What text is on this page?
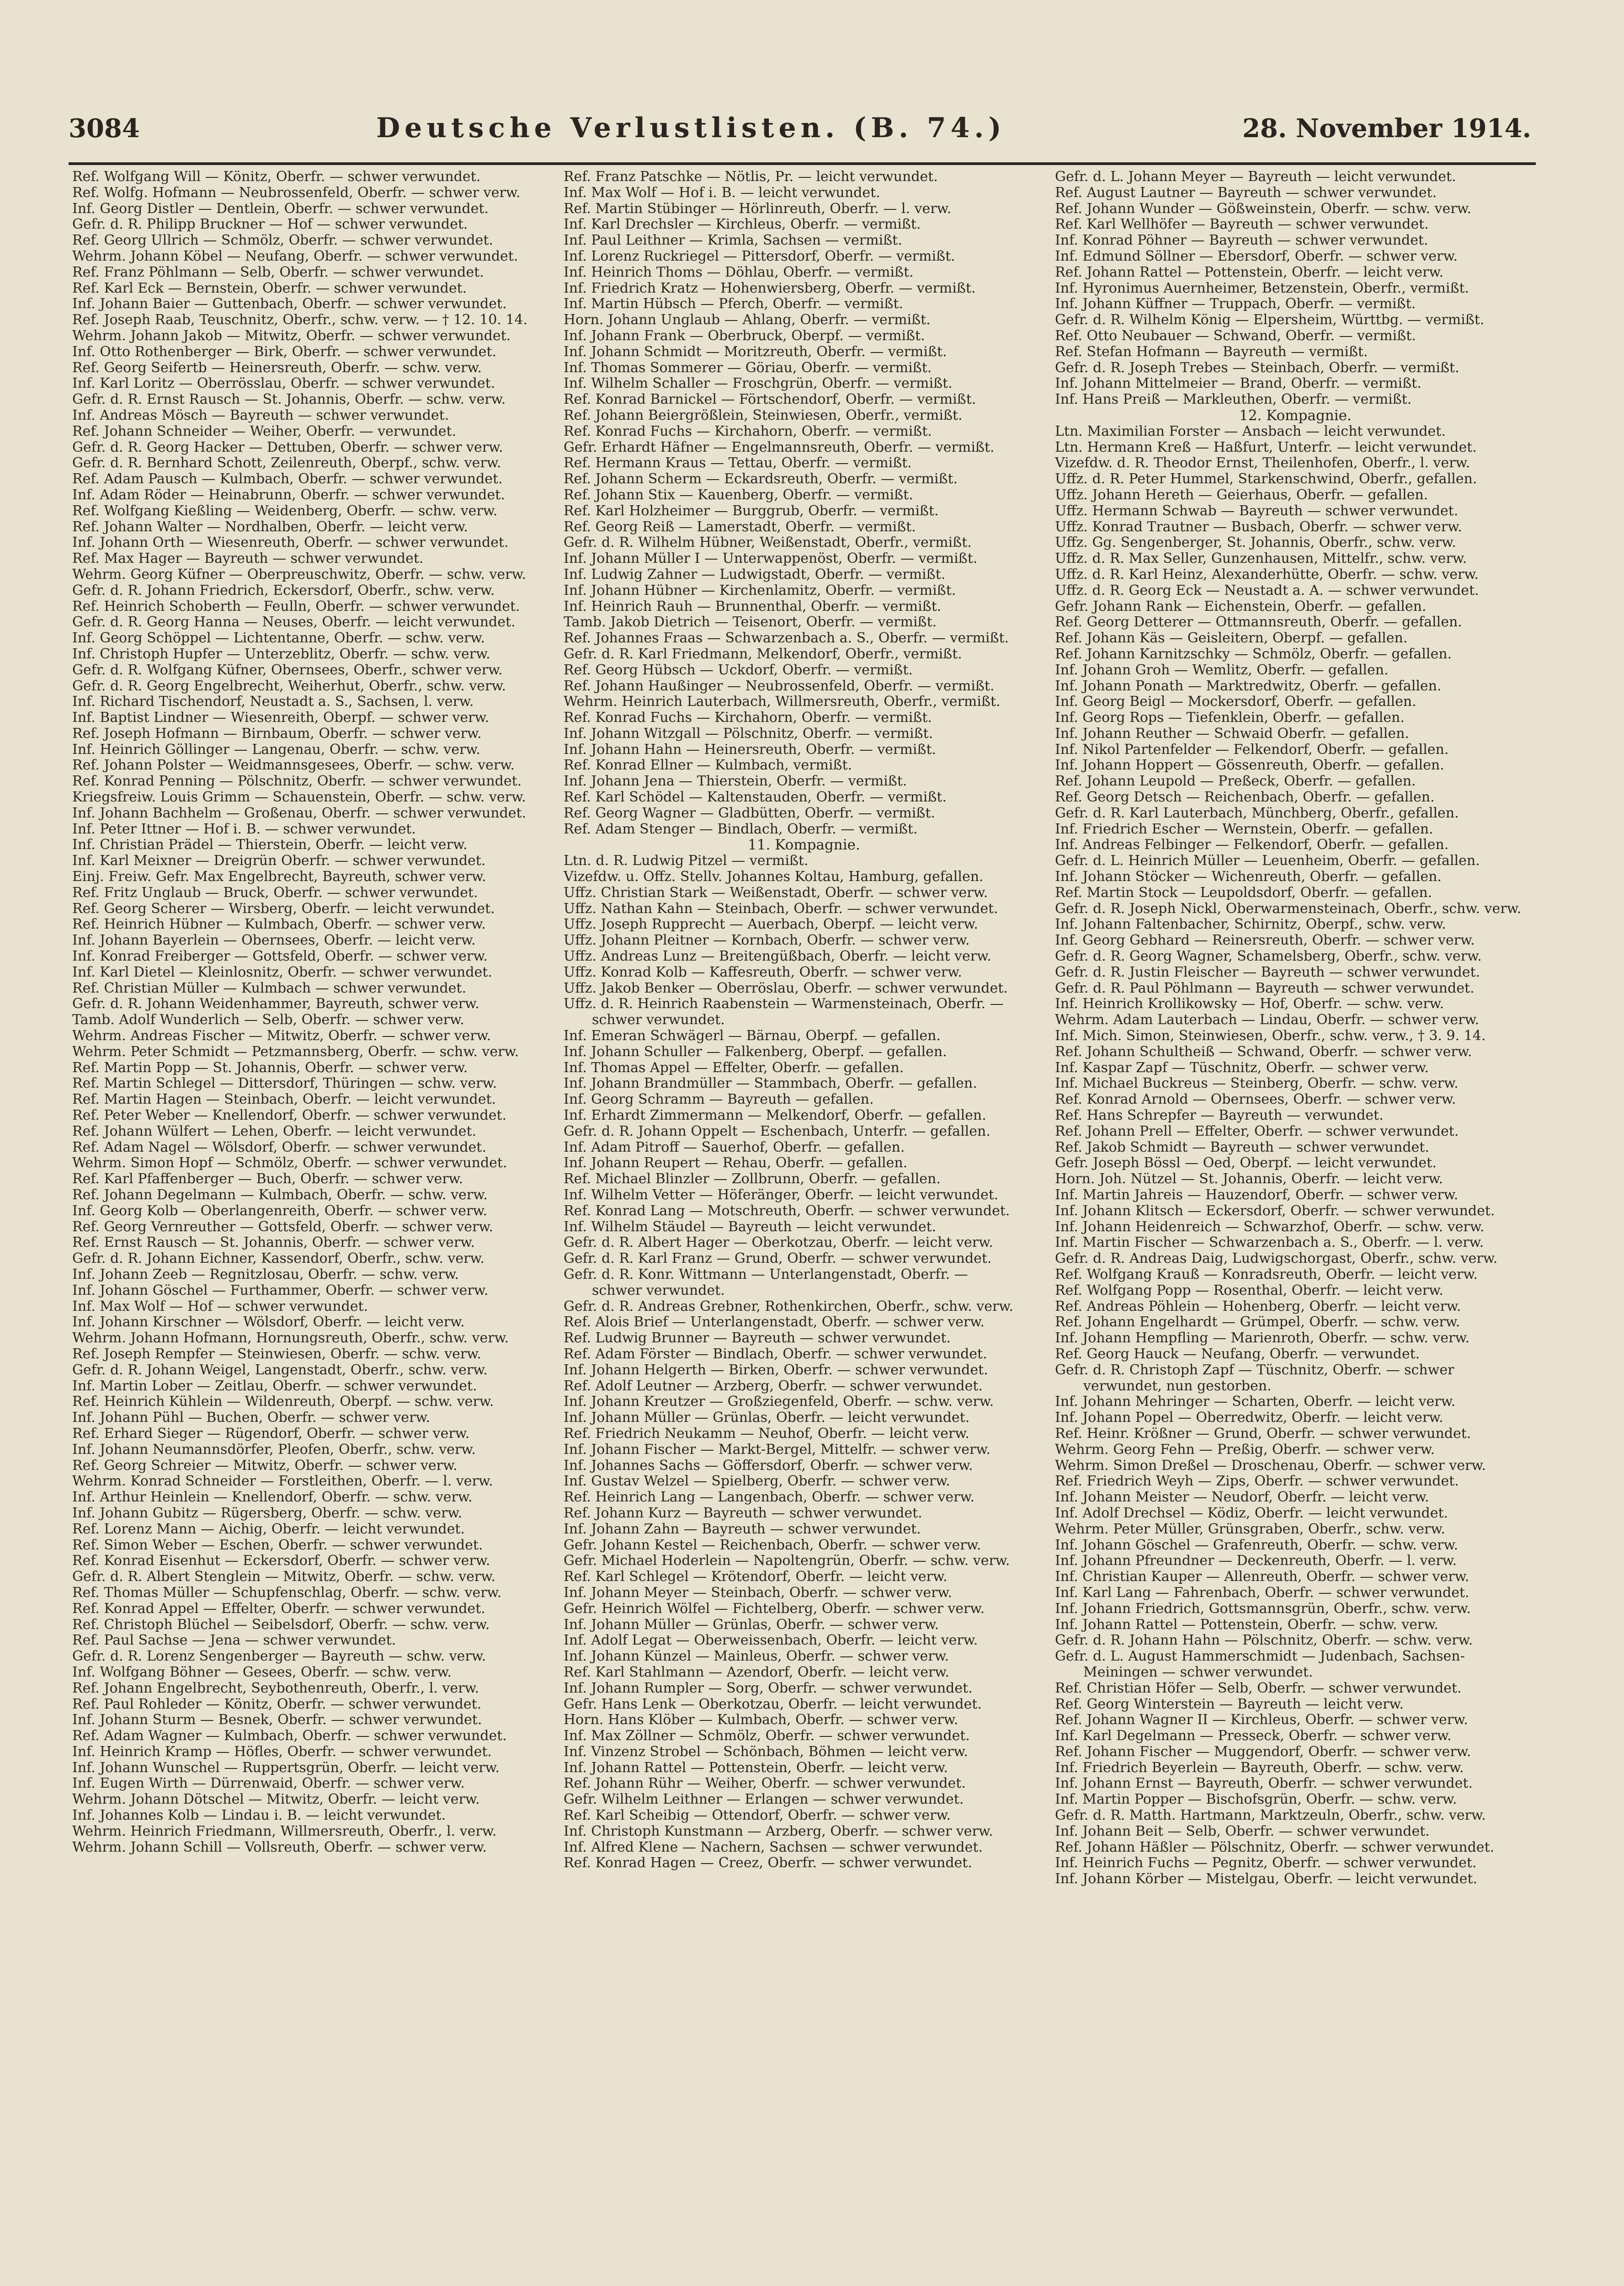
3084	Deutsche Verlustlisten. (B. 74.)	28. November 1914.
Ref. Wolfgang Will — Könitz, Oberfr. — schwer verwundet.
Ref. Wolfg. Hofmann — Neubrossenfeld, Oberfr. — schwer verw.
Inf. Georg Distler — Dentlein, Oberfr. — schwer verwundet.
Gefr. d. R. Philipp Bruckner — Hof — schwer verwundet.
Ref. Georg Ullrich — Schmölz, Oberfr. — schwer verwundet.
Wehrm. Johann Köbel — Neufang, Oberfr. — schwer verwundet.
Ref. Franz Pöhlmann — Selb, Oberfr. — schwer verwundet.
Ref. Karl Eck — Bernstein, Oberfr. — schwer verwundet.
Inf. Johann Baier — Guttenbach, Oberfr. — schwer verwundet.
Ref. Joseph Raab, Teuschnitz, Oberfr., schw. verw. — † 12. 10. 14.
Wehrm. Johann Jakob — Mitwitz, Oberfr. — schwer verwundet.
Inf. Otto Rothenberger — Birk, Oberfr. — schwer verwundet.
Ref. Georg Seifertb — Heinersreuth, Oberfr. — schw. verw.
Inf. Karl Loritz — Oberrösslau, Oberfr. — schwer verwundet.
Gefr. d. R. Ernst Rausch — St. Johannis, Oberfr. — schw. verw.
Inf. Andreas Mösch — Bayreuth — schwer verwundet.
Ref. Johann Schneider — Weiher, Oberfr. — verwundet.
Gefr. d. R. Georg Hacker — Dettuben, Oberfr. — schwer verw.
Gefr. d. R. Bernhard Schott, Zeilenreuth, Oberpf., schw. verw.
Ref. Adam Pausch — Kulmbach, Oberfr. — schwer verwundet.
Inf. Adam Röder — Heinabrunn, Oberfr. — schwer verwundet.
Ref. Wolfgang Kießling — Weidenberg, Oberfr. — schw. verw.
Ref. Johann Walter — Nordhalben, Oberfr. — leicht verw.
Inf. Johann Orth — Wiesenreuth, Oberfr. — schwer verwundet.
Ref. Max Hager — Bayreuth — schwer verwundet.
Wehrm. Georg Küfner — Oberpreuschwitz, Oberfr. — schw. verw.
Gefr. d. R. Johann Friedrich, Eckersdorf, Oberfr., schw. verw.
Ref. Heinrich Schoberth — Feulln, Oberfr. — schwer verwundet.
Gefr. d. R. Georg Hanna — Neuses, Oberfr. — leicht verwundet.
Inf. Georg Schöppel — Lichtentanne, Oberfr. — schw. verw.
Inf. Christoph Hupfer — Unterzeblitz, Oberfr. — schw. verw.
Gefr. d. R. Wolfgang Küfner, Obernsees, Oberfr., schwer verw.
Gefr. d. R. Georg Engelbrecht, Weiherhut, Oberfr., schw. verw.
Inf. Richard Tischendorf, Neustadt a. S., Sachsen, l. verw.
Inf. Baptist Lindner — Wiesenreith, Oberpf. — schwer verw.
Ref. Joseph Hofmann — Birnbaum, Oberfr. — schwer verw.
Inf. Heinrich Göllinger — Langenau, Oberfr. — schw. verw.
Ref. Johann Polster — Weidmannsgesees, Oberfr. — schw. verw.
Ref. Konrad Penning — Pölschnitz, Oberfr. — schwer verwundet.
Kriegsfreiw. Louis Grimm — Schauenstein, Oberfr. — schw. verw.
Inf. Johann Bachhelm — Großenau, Oberfr. — schwer verwundet.
Inf. Peter Ittner — Hof i. B. — schwer verwundet.
Inf. Christian Prädel — Thierstein, Oberfr. — leicht verw.
Inf. Karl Meixner — Dreigrün Oberfr. — schwer verwundet.
Einj. Freiw. Gefr. Max Engelbrecht, Bayreuth, schwer verw.
Ref. Fritz Unglaub — Bruck, Oberfr. — schwer verwundet.
Ref. Georg Scherer — Wirsberg, Oberfr. — leicht verwundet.
Ref. Heinrich Hübner — Kulmbach, Oberfr. — schwer verw.
Inf. Johann Bayerlein — Obernsees, Oberfr. — leicht verw.
Inf. Konrad Freiberger — Gottsfeld, Oberfr. — schwer verw.
Inf. Karl Dietel — Kleinlosnitz, Oberfr. — schwer verwundet.
Ref. Christian Müller — Kulmbach — schwer verwundet.
Gefr. d. R. Johann Weidenhammer, Bayreuth, schwer verw.
Tamb. Adolf Wunderlich — Selb, Oberfr. — schwer verw.
Wehrm. Andreas Fischer — Mitwitz, Oberfr. — schwer verw.
Wehrm. Peter Schmidt — Petzmannsberg, Oberfr. — schw. verw.
Ref. Martin Popp — St. Johannis, Oberfr. — schwer verw.
Ref. Martin Schlegel — Dittersdorf, Thüringen — schw. verw.
Ref. Martin Hagen — Steinbach, Oberfr. — leicht verwundet.
Ref. Peter Weber — Knellendorf, Oberfr. — schwer verwundet.
Ref. Johann Wülfert — Lehen, Oberfr. — leicht verwundet.
Ref. Adam Nagel — Wölsdorf, Oberfr. — schwer verwundet.
Wehrm. Simon Hopf — Schmölz, Oberfr. — schwer verwundet.
Ref. Karl Pfaffenberger — Buch, Oberfr. — schwer verw.
Ref. Johann Degelmann — Kulmbach, Oberfr. — schw. verw.
Inf. Georg Kolb — Oberlangenreith, Oberfr. — schwer verw.
Ref. Georg Vernreuther — Gottsfeld, Oberfr. — schwer verw.
Ref. Ernst Rausch — St. Johannis, Oberfr. — schwer verw.
Gefr. d. R. Johann Eichner, Kassendorf, Oberfr., schw. verw.
Inf. Johann Zeeb — Regnitzlosau, Oberfr. — schw. verw.
Inf. Johann Göschel — Furthammer, Oberfr. — schwer verw.
Inf. Max Wolf — Hof — schwer verwundet.
Inf. Johann Kirschner — Wölsdorf, Oberfr. — leicht verw.
Wehrm. Johann Hofmann, Hornungsreuth, Oberfr., schw. verw.
Ref. Joseph Rempfer — Steinwiesen, Oberfr. — schw. verw.
Gefr. d. R. Johann Weigel, Langenstadt, Oberfr., schw. verw.
Inf. Martin Lober — Zeitlau, Oberfr. — schwer verwundet.
Ref. Heinrich Kühlein — Wildenreuth, Oberpf. — schw. verw.
Inf. Johann Pühl — Buchen, Oberfr. — schwer verw.
Ref. Erhard Sieger — Rügendorf, Oberfr. — schwer verw.
Inf. Johann Neumannsdörfer, Pleofen, Oberfr., schw. verw.
Ref. Georg Schreier — Mitwitz, Oberfr. — schwer verw.
Wehrm. Konrad Schneider — Forstleithen, Oberfr. — l. verw.
Inf. Arthur Heinlein — Knellendorf, Oberfr. — schw. verw.
Inf. Johann Gubitz — Rügersberg, Oberfr. — schw. verw.
Ref. Lorenz Mann — Aichig, Oberfr. — leicht verwundet.
Ref. Simon Weber — Eschen, Oberfr. — schwer verwundet.
Ref. Konrad Eisenhut — Eckersdorf, Oberfr. — schwer verw.
Gefr. d. R. Albert Stenglein — Mitwitz, Oberfr. — schw. verw.
Ref. Thomas Müller — Schupfenschlag, Oberfr. — schw. verw.
Ref. Konrad Appel — Effelter, Oberfr. — schwer verwundet.
Ref. Christoph Blüchel — Seibelsdorf, Oberfr. — schw. verw.
Ref. Paul Sachse — Jena — schwer verwundet.
Gefr. d. R. Lorenz Sengenberger — Bayreuth — schw. verw.
Inf. Wolfgang Böhner — Gesees, Oberfr. — schw. verw.
Ref. Johann Engelbrecht, Seybothenreuth, Oberfr., l. verw.
Ref. Paul Rohleder — Könitz, Oberfr. — schwer verwundet.
Inf. Johann Sturm — Besnek, Oberfr. — schwer verwundet.
Ref. Adam Wagner — Kulmbach, Oberfr. — schwer verwundet.
Inf. Heinrich Kramp — Höfles, Oberfr. — schwer verwundet.
Inf. Johann Wunschel — Ruppertsgrün, Oberfr. — leicht verw.
Inf. Eugen Wirth — Dürrenwaid, Oberfr. — schwer verw.
Wehrm. Johann Dötschel — Mitwitz, Oberfr. — leicht verw.
Inf. Johannes Kolb — Lindau i. B. — leicht verwundet.
Wehrm. Heinrich Friedmann, Willmersreuth, Oberfr., l. verw.
Wehrm. Johann Schill — Vollsreuth, Oberfr. — schwer verw.
Ref. Franz Patschke — Nötlis, Pr. — leicht verwundet.
Inf. Max Wolf — Hof i. B. — leicht verwundet.
Ref. Martin Stübinger — Hörlinreuth, Oberfr. — l. verw.
Inf. Karl Drechsler — Kirchleus, Oberfr. — vermißt.
Inf. Paul Leithner — Krimla, Sachsen — vermißt.
Inf. Lorenz Ruckriegel — Pittersdorf, Oberfr. — vermißt.
Inf. Heinrich Thoms — Döhlau, Oberfr. — vermißt.
Inf. Friedrich Kratz — Hohenwiersberg, Oberfr. — vermißt.
Inf. Martin Hübsch — Pferch, Oberfr. — vermißt.
Horn. Johann Unglaub — Ahlang, Oberfr. — vermißt.
Inf. Johann Frank — Oberbruck, Oberpf. — vermißt.
Inf. Johann Schmidt — Moritzreuth, Oberfr. — vermißt.
Inf. Thomas Sommerer — Göriau, Oberfr. — vermißt.
Inf. Wilhelm Schaller — Froschgrün, Oberfr. — vermißt.
Ref. Konrad Barnickel — Förtschendorf, Oberfr. — vermißt.
Ref. Johann Beiergrößlein, Steinwiesen, Oberfr., vermißt.
Ref. Konrad Fuchs — Kirchahorn, Oberfr. — vermißt.
Gefr. Erhardt Häfner — Engelmannsreuth, Oberfr. — vermißt.
Ref. Hermann Kraus — Tettau, Oberfr. — vermißt.
Ref. Johann Scherm — Eckardsreuth, Oberfr. — vermißt.
Ref. Johann Stix — Kauenberg, Oberfr. — vermißt.
Ref. Karl Holzheimer — Burggrub, Oberfr. — vermißt.
Ref. Georg Reiß — Lamerstadt, Oberfr. — vermißt.
Gefr. d. R. Wilhelm Hübner, Weißenstadt, Oberfr., vermißt.
Inf. Johann Müller I — Unterwappenöst, Oberfr. — vermißt.
Inf. Ludwig Zahner — Ludwigstadt, Oberfr. — vermißt.
Inf. Johann Hübner — Kirchenlamitz, Oberfr. — vermißt.
Inf. Heinrich Rauh — Brunnenthal, Oberfr. — vermißt.
Tamb. Jakob Dietrich — Teisenort, Oberfr. — vermißt.
Ref. Johannes Fraas — Schwarzenbach a. S., Oberfr. — vermißt.
Gefr. d. R. Karl Friedmann, Melkendorf, Oberfr., vermißt.
Ref. Georg Hübsch — Uckdorf, Oberfr. — vermißt.
Ref. Johann Haußinger — Neubrossenfeld, Oberfr. — vermißt.
Wehrm. Heinrich Lauterbach, Willmersreuth, Oberfr., vermißt.
Ref. Konrad Fuchs — Kirchahorn, Oberfr. — vermißt.
Inf. Johann Witzgall — Pölschnitz, Oberfr. — vermißt.
Inf. Johann Hahn — Heinersreuth, Oberfr. — vermißt.
Ref. Konrad Ellner — Kulmbach, vermißt.
Inf. Johann Jena — Thierstein, Oberfr. — vermißt.
Ref. Karl Schödel — Kaltenstauden, Oberfr. — vermißt.
Ref. Georg Wagner — Gladbütten, Oberfr. — vermißt.
Ref. Adam Stenger — Bindlach, Oberfr. — vermißt.
11. Kompagnie.
Ltn. d. R. Ludwig Pitzel — vermißt.
Vizefdw. u. Offz. Stellv. Johannes Koltau, Hamburg, gefallen.
Uffz. Christian Stark — Weißenstadt, Oberfr. — schwer verw.
Uffz. Nathan Kahn — Steinbach, Oberfr. — schwer verwundet.
Uffz. Joseph Rupprecht — Auerbach, Oberpf. — leicht verw.
Uffz. Johann Pleitner — Kornbach, Oberfr. — schwer verw.
Uffz. Andreas Lunz — Breitengüßbach, Oberfr. — leicht verw.
Uffz. Konrad Kolb — Kaffesreuth, Oberfr. — schwer verw.
Uffz. Jakob Benker — Oberröslau, Oberfr. — schwer verwundet.
Uffz. d. R. Heinrich Raabenstein — Warmensteinach, Oberfr. —
schwer verwundet.
Inf. Emeran Schwägerl — Bärnau, Oberpf. — gefallen.
Inf. Johann Schuller — Falkenberg, Oberpf. — gefallen.
Inf. Thomas Appel — Effelter, Oberfr. — gefallen.
Inf. Johann Brandmüller — Stammbach, Oberfr. — gefallen.
Inf. Georg Schramm — Bayreuth — gefallen.
Inf. Erhardt Zimmermann — Melkendorf, Oberfr. — gefallen.
Gefr. d. R. Johann Oppelt — Eschenbach, Unterfr. — gefallen.
Inf. Adam Pitroff — Sauerhof, Oberfr. — gefallen.
Inf. Johann Reupert — Rehau, Oberfr. — gefallen.
Ref. Michael Blinzler — Zollbrunn, Oberfr. — gefallen.
Inf. Wilhelm Vetter — Höferänger, Oberfr. — leicht verwundet.
Ref. Konrad Lang — Motschreuth, Oberfr. — schwer verwundet.
Inf. Wilhelm Stäudel — Bayreuth — leicht verwundet.
Gefr. d. R. Albert Hager — Oberkotzau, Oberfr. — leicht verw.
Gefr. d. R. Karl Franz — Grund, Oberfr. — schwer verwundet.
Gefr. d. R. Konr. Wittmann — Unterlangenstadt, Oberfr. —
schwer verwundet.
Gefr. d. R. Andreas Grebner, Rothenkirchen, Oberfr., schw. verw.
Ref. Alois Brief — Unterlangenstadt, Oberfr. — schwer verw.
Ref. Ludwig Brunner — Bayreuth — schwer verwundet.
Ref. Adam Förster — Bindlach, Oberfr. — schwer verwundet.
Inf. Johann Helgerth — Birken, Oberfr. — schwer verwundet.
Ref. Adolf Leutner — Arzberg, Oberfr. — schwer verwundet.
Inf. Johann Kreutzer — Großziegenfeld, Oberfr. — schw. verw.
Inf. Johann Müller — Grünlas, Oberfr. — leicht verwundet.
Ref. Friedrich Neukamm — Neuhof, Oberfr. — leicht verw.
Inf. Johann Fischer — Markt-Bergel, Mittelfr. — schwer verw.
Inf. Johannes Sachs — Göffersdorf, Oberfr. — schwer verw.
Inf. Gustav Welzel — Spielberg, Oberfr. — schwer verw.
Ref. Heinrich Lang — Langenbach, Oberfr. — schwer verw.
Ref. Johann Kurz — Bayreuth — schwer verwundet.
Inf. Johann Zahn — Bayreuth — schwer verwundet.
Gefr. Johann Kestel — Reichenbach, Oberfr. — schwer verw.
Gefr. Michael Hoderlein — Napoltengrün, Oberfr. — schw. verw.
Ref. Karl Schlegel — Krötendorf, Oberfr. — leicht verw.
Inf. Johann Meyer — Steinbach, Oberfr. — schwer verw.
Gefr. Heinrich Wölfel — Fichtelberg, Oberfr. — schwer verw.
Inf. Johann Müller — Grünlas, Oberfr. — schwer verw.
Inf. Adolf Legat — Oberweissenbach, Oberfr. — leicht verw.
Inf. Johann Künzel — Mainleus, Oberfr. — schwer verw.
Ref. Karl Stahlmann — Azendorf, Oberfr. — leicht verw.
Inf. Johann Rumpler — Sorg, Oberfr. — schwer verwundet.
Gefr. Hans Lenk — Oberkotzau, Oberfr. — leicht verwundet.
Horn. Hans Klöber — Kulmbach, Oberfr. — schwer verw.
Inf. Max Zöllner — Schmölz, Oberfr. — schwer verwundet.
Inf. Vinzenz Strobel — Schönbach, Böhmen — leicht verw.
Inf. Johann Rattel — Pottenstein, Oberfr. — leicht verw.
Ref. Johann Rühr — Weiher, Oberfr. — schwer verwundet.
Gefr. Wilhelm Leithner — Erlangen — schwer verwundet.
Ref. Karl Scheibig — Ottendorf, Oberfr. — schwer verw.
Inf. Christoph Kunstmann — Arzberg, Oberfr. — schwer verw.
Inf. Alfred Klene — Nachern, Sachsen — schwer verwundet.
Ref. Konrad Hagen — Creez, Oberfr. — schwer verwundet.
Gefr. d. L. Johann Meyer — Bayreuth — leicht verwundet.
Ref. August Lautner — Bayreuth — schwer verwundet.
Ref. Johann Wunder — Gößweinstein, Oberfr. — schw. verw.
Ref. Karl Wellhöfer — Bayreuth — schwer verwundet.
Inf. Konrad Pöhner — Bayreuth — schwer verwundet.
Inf. Edmund Söllner — Ebersdorf, Oberfr. — schwer verw.
Ref. Johann Rattel — Pottenstein, Oberfr. — leicht verw.
Inf. Hyronimus Auernheimer, Betzenstein, Oberfr., vermißt.
Inf. Johann Küffner — Truppach, Oberfr. — vermißt.
Gefr. d. R. Wilhelm König — Elpersheim, Württbg. — vermißt.
Ref. Otto Neubauer — Schwand, Oberfr. — vermißt.
Ref. Stefan Hofmann — Bayreuth — vermißt.
Gefr. d. R. Joseph Trebes — Steinbach, Oberfr. — vermißt.
Inf. Johann Mittelmeier — Brand, Oberfr. — vermißt.
Inf. Hans Preiß — Markleuthen, Oberfr. — vermißt.
12. Kompagnie.
Ltn. Maximilian Forster — Ansbach — leicht verwundet.
Ltn. Hermann Kreß — Haßfurt, Unterfr. — leicht verwundet.
Vizefdw. d. R. Theodor Ernst, Theilenhofen, Oberfr., l. verw.
Uffz. d. R. Peter Hummel, Starkenschwind, Oberfr., gefallen.
Uffz. Johann Hereth — Geierhaus, Oberfr. — gefallen.
Uffz. Hermann Schwab — Bayreuth — schwer verwundet.
Uffz. Konrad Trautner — Busbach, Oberfr. — schwer verw.
Uffz. Gg. Sengenberger, St. Johannis, Oberfr., schw. verw.
Uffz. d. R. Max Seller, Gunzenhausen, Mittelfr., schw. verw.
Uffz. d. R. Karl Heinz, Alexanderhütte, Oberfr. — schw. verw.
Uffz. d. R. Georg Eck — Neustadt a. A. — schwer verwundet.
Gefr. Johann Rank — Eichenstein, Oberfr. — gefallen.
Ref. Georg Detterer — Ottmannsreuth, Oberfr. — gefallen.
Ref. Johann Käs — Geisleitern, Oberpf. — gefallen.
Ref. Johann Karnitzschky — Schmölz, Oberfr. — gefallen.
Inf. Johann Groh — Wemlitz, Oberfr. — gefallen.
Inf. Johann Ponath — Marktredwitz, Oberfr. — gefallen.
Inf. Georg Beigl — Mockersdorf, Oberfr. — gefallen.
Inf. Georg Rops — Tiefenklein, Oberfr. — gefallen.
Inf. Johann Reuther — Schwaid Oberfr. — gefallen.
Inf. Nikol Partenfelder — Felkendorf, Oberfr. — gefallen.
Inf. Johann Hoppert — Gössenreuth, Oberfr. — gefallen.
Ref. Johann Leupold — Preßeck, Oberfr. — gefallen.
Ref. Georg Detsch — Reichenbach, Oberfr. — gefallen.
Gefr. d. R. Karl Lauterbach, Münchberg, Oberfr., gefallen.
Inf. Friedrich Escher — Wernstein, Oberfr. — gefallen.
Inf. Andreas Felbinger — Felkendorf, Oberfr. — gefallen.
Gefr. d. L. Heinrich Müller — Leuenheim, Oberfr. — gefallen.
Inf. Johann Stöcker — Wichenreuth, Oberfr. — gefallen.
Ref. Martin Stock — Leupoldsdorf, Oberfr. — gefallen.
Gefr. d. R. Joseph Nickl, Oberwarmensteinach, Oberfr., schw. verw.
Inf. Johann Faltenbacher, Schirnitz, Oberpf., schw. verw.
Inf. Georg Gebhard — Reinersreuth, Oberfr. — schwer verw.
Gefr. d. R. Georg Wagner, Schamelsberg, Oberfr., schw. verw.
Gefr. d. R. Justin Fleischer — Bayreuth — schwer verwundet.
Gefr. d. R. Paul Pöhlmann — Bayreuth — schwer verwundet.
Inf. Heinrich Krollikowsky — Hof, Oberfr. — schw. verw.
Wehrm. Adam Lauterbach — Lindau, Oberfr. — schwer verw.
Inf. Mich. Simon, Steinwiesen, Oberfr., schw. verw., † 3. 9. 14.
Ref. Johann Schultheiß — Schwand, Oberfr. — schwer verw.
Inf. Kaspar Zapf — Tüschnitz, Oberfr. — schwer verw.
Inf. Michael Buckreus — Steinberg, Oberfr. — schw. verw.
Ref. Konrad Arnold — Obernsees, Oberfr. — schwer verw.
Ref. Hans Schrepfer — Bayreuth — verwundet.
Ref. Johann Prell — Effelter, Oberfr. — schwer verwundet.
Ref. Jakob Schmidt — Bayreuth — schwer verwundet.
Gefr. Joseph Bössl — Oed, Oberpf. — leicht verwundet.
Horn. Joh. Nützel — St. Johannis, Oberfr. — leicht verw.
Inf. Martin Jahreis — Hauzendorf, Oberfr. — schwer verw.
Inf. Johann Klitsch — Eckersdorf, Oberfr. — schwer verwundet.
Inf. Johann Heidenreich — Schwarzhof, Oberfr. — schw. verw.
Inf. Martin Fischer — Schwarzenbach a. S., Oberfr. — l. verw.
Gefr. d. R. Andreas Daig, Ludwigschorgast, Oberfr., schw. verw.
Ref. Wolfgang Krauß — Konradsreuth, Oberfr. — leicht verw.
Ref. Wolfgang Popp — Rosenthal, Oberfr. — leicht verw.
Ref. Andreas Pöhlein — Hohenberg, Oberfr. — leicht verw.
Ref. Johann Engelhardt — Grümpel, Oberfr. — schw. verw.
Inf. Johann Hempfling — Marienroth, Oberfr. — schw. verw.
Ref. Georg Hauck — Neufang, Oberfr. — verwundet.
Gefr. d. R. Christoph Zapf — Tüschnitz, Oberfr. — schwer
verwundet, nun gestorben.
Inf. Johann Mehringer — Scharten, Oberfr. — leicht verw.
Inf. Johann Popel — Oberredwitz, Oberfr. — leicht verw.
Ref. Heinr. Krößner — Grund, Oberfr. — schwer verwundet.
Wehrm. Georg Fehn — Preßig, Oberfr. — schwer verw.
Wehrm. Simon Dreßel — Droschenau, Oberfr. — schwer verw.
Ref. Friedrich Weyh — Zips, Oberfr. — schwer verwundet.
Inf. Johann Meister — Neudorf, Oberfr. — leicht verw.
Inf. Adolf Drechsel — Ködiz, Oberfr. — leicht verwundet.
Wehrm. Peter Müller, Grünsgraben, Oberfr., schw. verw.
Inf. Johann Göschel — Grafenreuth, Oberfr. — schw. verw.
Inf. Johann Pfreundner — Deckenreuth, Oberfr. — l. verw.
Inf. Christian Kauper — Allenreuth, Oberfr. — schwer verw.
Inf. Karl Lang — Fahrenbach, Oberfr. — schwer verwundet.
Inf. Johann Friedrich, Gottsmannsgrün, Oberfr., schw. verw.
Inf. Johann Rattel — Pottenstein, Oberfr. — schw. verw.
Gefr. d. R. Johann Hahn — Pölschnitz, Oberfr. — schw. verw.
Gefr. d. L. August Hammerschmidt — Judenbach, Sachsen-
Meiningen — schwer verwundet.
Ref. Christian Höfer — Selb, Oberfr. — schwer verwundet.
Ref. Georg Winterstein — Bayreuth — leicht verw.
Ref. Johann Wagner II — Kirchleus, Oberfr. — schwer verw.
Inf. Karl Degelmann — Presseck, Oberfr. — schwer verw.
Ref. Johann Fischer — Muggendorf, Oberfr. — schwer verw.
Inf. Friedrich Beyerlein — Bayreuth, Oberfr. — schw. verw.
Inf. Johann Ernst — Bayreuth, Oberfr. — schwer verwundet.
Inf. Martin Popper — Bischofsgrün, Oberfr. — schw. verw.
Gefr. d. R. Matth. Hartmann, Marktzeuln, Oberfr., schw. verw.
Inf. Johann Beit — Selb, Oberfr. — schwer verwundet.
Ref. Johann Häßler — Pölschnitz, Oberfr. — schwer verwundet.
Inf. Heinrich Fuchs — Pegnitz, Oberfr. — schwer verwundet.
Inf. Johann Körber — Mistelgau, Oberfr. — leicht verwundet.
